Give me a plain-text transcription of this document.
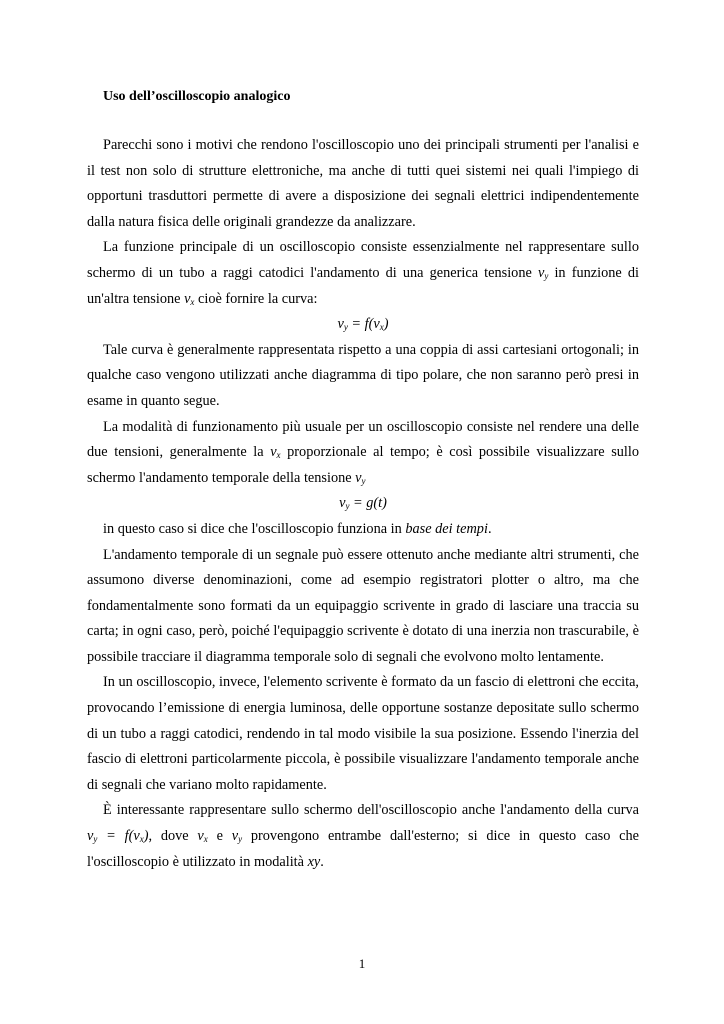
Uso dell’oscilloscopio analogico

Parecchi sono i motivi che rendono l'oscilloscopio uno dei principali strumenti per l'analisi e il test non solo di strutture elettroniche, ma anche di tutti quei sistemi nei quali l'impiego di opportuni trasduttori permette di avere a disposizione dei segnali elettrici indipendentemente dalla natura fisica delle originali grandezze da analizzare.

La funzione principale di un oscilloscopio consiste essenzialmente nel rappresentare sullo schermo di un tubo a raggi catodici l'andamento di una generica tensione $v_y$ in funzione di un'altra tensione $v_x$ cioè fornire la curva:

$v_y = f(v_x)$

Tale curva è generalmente rappresentata rispetto a una coppia di assi cartesiani ortogonali; in qualche caso vengono utilizzati anche diagramma di tipo polare, che non saranno però presi in esame in quanto segue.

La modalità di funzionamento più usuale per un oscilloscopio consiste nel rendere una delle due tensioni, generalmente la $v_x$ proporzionale al tempo; è così possibile visualizzare sullo schermo l'andamento temporale della tensione $v_y$

$v_y = g(t)$

in questo caso si dice che l'oscilloscopio funziona in base dei tempi.

L'andamento temporale di un segnale può essere ottenuto anche mediante altri strumenti, che assumono diverse denominazioni, come ad esempio registratori plotter o altro, ma che fondamentalmente sono formati da un equipaggio scrivente in grado di lasciare una traccia su carta; in ogni caso, però, poiché l'equipaggio scrivente è dotato di una inerzia non trascurabile, è possibile tracciare il diagramma temporale solo di segnali che evolvono molto lentamente.

In un oscilloscopio, invece, l'elemento scrivente è formato da un fascio di elettroni che eccita, provocando l’emissione di energia luminosa, delle opportune sostanze depositate sullo schermo di un tubo a raggi catodici, rendendo in tal modo visibile la sua posizione. Essendo l'inerzia del fascio di elettroni particolarmente piccola, è possibile visualizzare l'andamento temporale anche di segnali che variano molto rapidamente.

È interessante rappresentare sullo schermo dell'oscilloscopio anche l'andamento della curva $v_y = f(v_x)$, dove $v_x$ e $v_y$ provengono entrambe dall'esterno; si dice in questo caso che l'oscilloscopio è utilizzato in modalità xy.

1
